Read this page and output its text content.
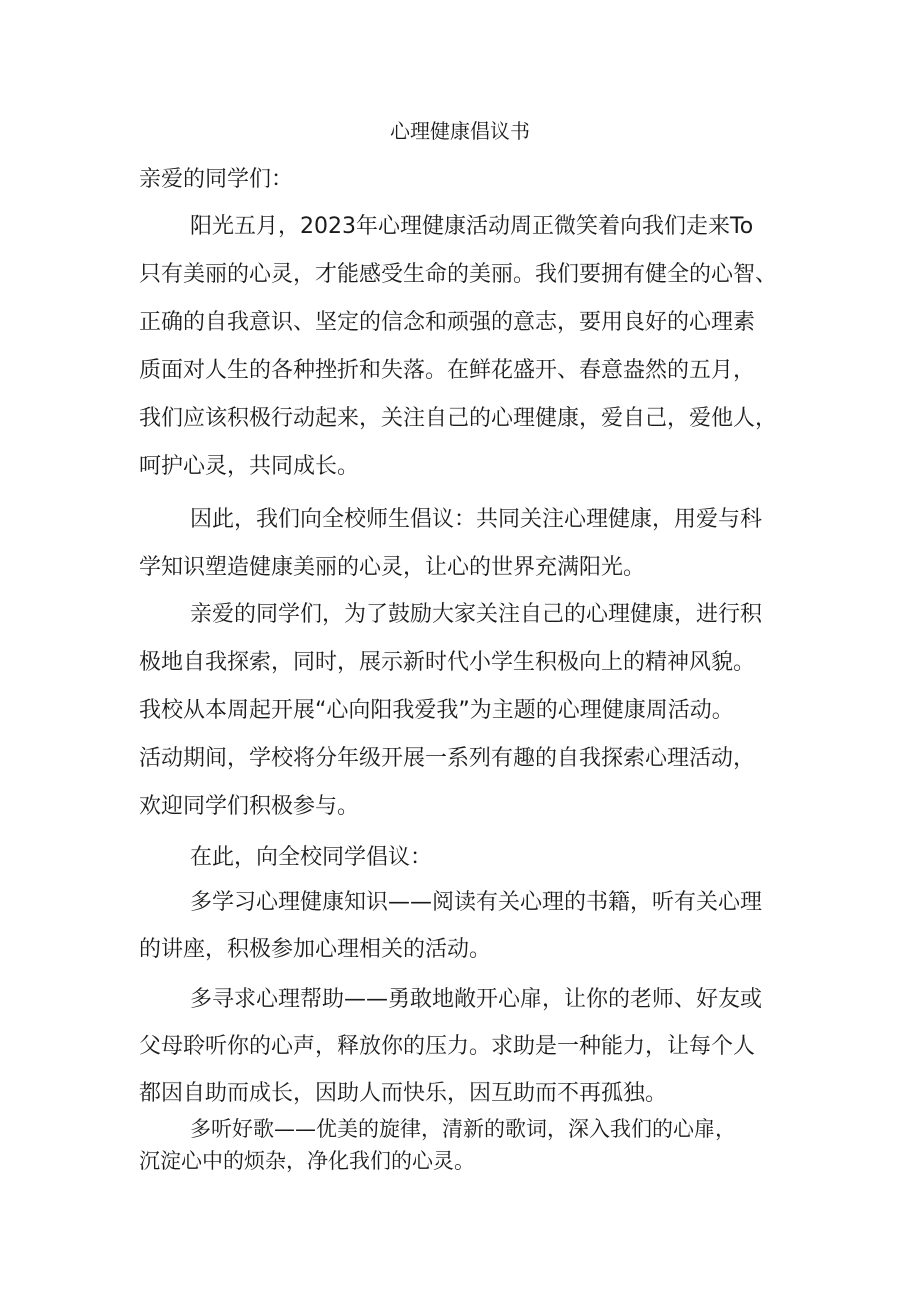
心理健康倡议书
亲爱的同学们：
阳光五月，2023年心理健康活动周正微笑着向我们走来To
只有美丽的心灵，才能感受生命的美丽。我们要拥有健全的心智、
正确的自我意识、坚定的信念和顽强的意志，要用良好的心理素
质面对人生的各种挫折和失落。在鲜花盛开、春意盎然的五月，
我们应该积极行动起来，关注自己的心理健康，爱自己，爱他人，
呵护心灵，共同成长。
因此，我们向全校师生倡议：共同关注心理健康，用爱与科
学知识塑造健康美丽的心灵，让心的世界充满阳光。
亲爱的同学们，为了鼓励大家关注自己的心理健康，进行积
极地自我探索，同时，展示新时代小学生积极向上的精神风貌。
我校从本周起开展“心向阳我爱我”为主题的心理健康周活动。
活动期间，学校将分年级开展一系列有趣的自我探索心理活动，
欢迎同学们积极参与。
在此，向全校同学倡议：
多学习心理健康知识——阅读有关心理的书籍，听有关心理
的讲座，积极参加心理相关的活动。
多寻求心理帮助——勇敢地敞开心扉，让你的老师、好友或
父母聆听你的心声，释放你的压力。求助是一种能力，让每个人
都因自助而成长，因助人而快乐，因互助而不再孤独。
多听好歌——优美的旋律，清新的歌词，深入我们的心扉，
沉淀心中的烦杂，净化我们的心灵。
